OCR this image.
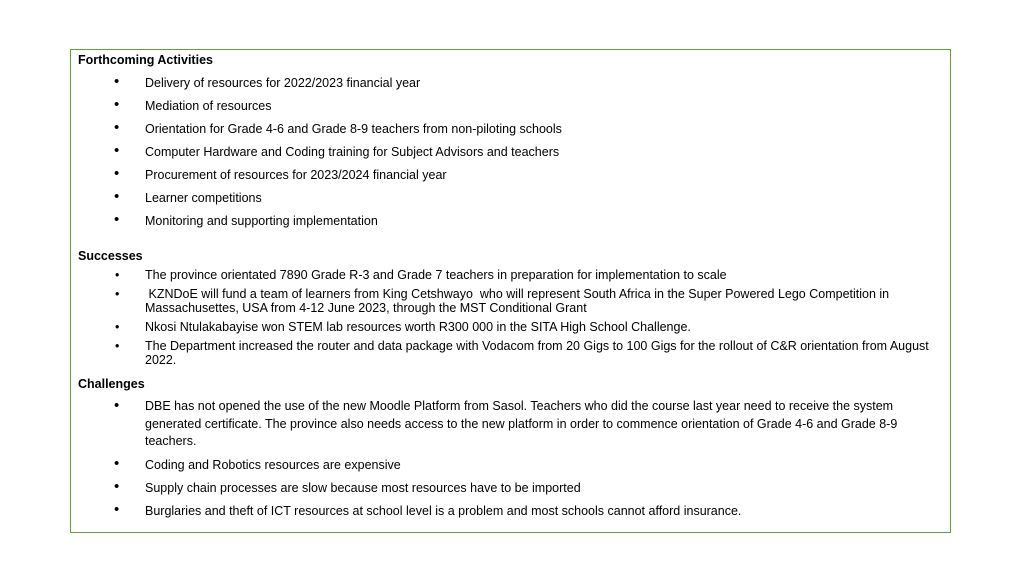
Forthcoming Activities
• Delivery of resources for 2022/2023 financial year
• Mediation of resources
• Orientation for Grade 4-6 and Grade 8-9 teachers from non-piloting schools
• Computer Hardware and Coding training for Subject Advisors and teachers
• Procurement of resources for 2023/2024 financial year
• Learner competitions
• Monitoring and supporting implementation
Successes
• The province orientated 7890 Grade R-3 and Grade 7 teachers in preparation for implementation to scale
• KZNDoE will fund a team of learners from King Cetshwayo  who will represent South Africa in the Super Powered Lego Competition in Massachusettes, USA from 4-12 June 2023, through the MST Conditional Grant
• Nkosi Ntulakabayise won STEM lab resources worth R300 000 in the SITA High School Challenge.
• The Department increased the router and data package with Vodacom from 20 Gigs to 100 Gigs for the rollout of C&R orientation from August 2022.
Challenges
• DBE has not opened the use of the new Moodle Platform from Sasol. Teachers who did the course last year need to receive the system generated certificate. The province also needs access to the new platform in order to commence orientation of Grade 4-6 and Grade 8-9 teachers.
• Coding and Robotics resources are expensive
• Supply chain processes are slow because most resources have to be imported
• Burglaries and theft of ICT resources at school level is a problem and most schools cannot afford insurance.
